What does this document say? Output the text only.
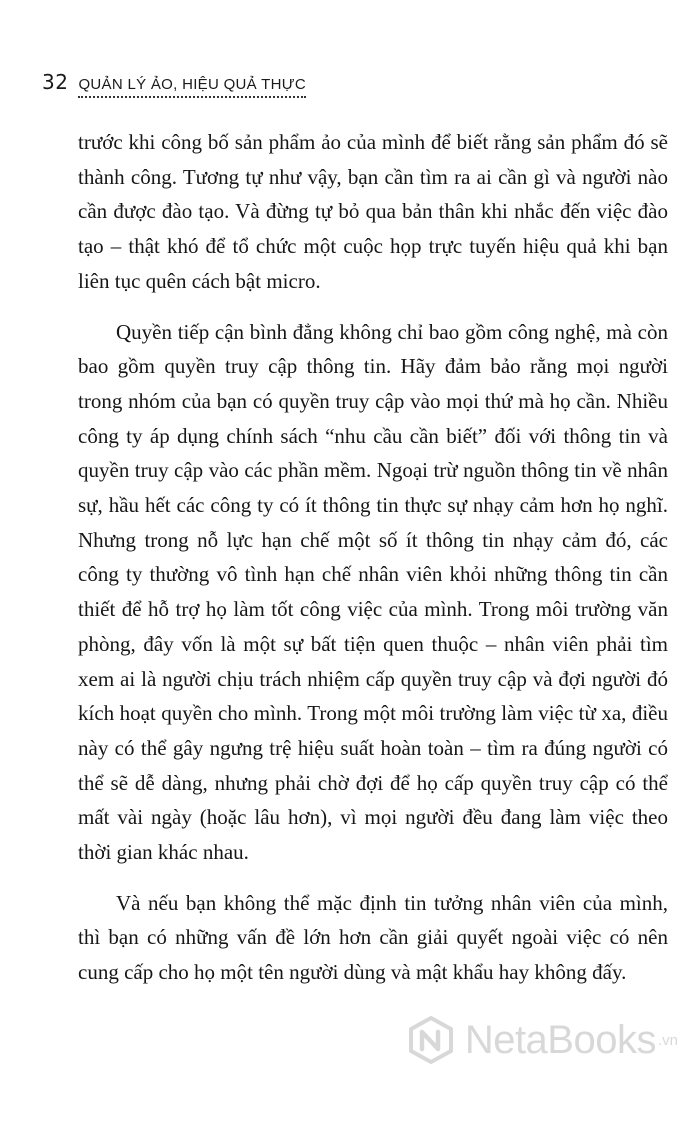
32 QUẢN LÝ ẢO, HIỆU QUẢ THỰC

trước khi công bố sản phẩm ảo của mình để biết rằng sản phẩm đó sẽ thành công. Tương tự như vậy, bạn cần tìm ra ai cần gì và người nào cần được đào tạo. Và đừng tự bỏ qua bản thân khi nhắc đến việc đào tạo – thật khó để tổ chức một cuộc họp trực tuyến hiệu quả khi bạn liên tục quên cách bật micro.

Quyền tiếp cận bình đẳng không chỉ bao gồm công nghệ, mà còn bao gồm quyền truy cập thông tin. Hãy đảm bảo rằng mọi người trong nhóm của bạn có quyền truy cập vào mọi thứ mà họ cần. Nhiều công ty áp dụng chính sách “nhu cầu cần biết” đối với thông tin và quyền truy cập vào các phần mềm. Ngoại trừ nguồn thông tin về nhân sự, hầu hết các công ty có ít thông tin thực sự nhạy cảm hơn họ nghĩ. Nhưng trong nỗ lực hạn chế một số ít thông tin nhạy cảm đó, các công ty thường vô tình hạn chế nhân viên khỏi những thông tin cần thiết để hỗ trợ họ làm tốt công việc của mình. Trong môi trường văn phòng, đây vốn là một sự bất tiện quen thuộc – nhân viên phải tìm xem ai là người chịu trách nhiệm cấp quyền truy cập và đợi người đó kích hoạt quyền cho mình. Trong một môi trường làm việc từ xa, điều này có thể gây ngưng trệ hiệu suất hoàn toàn – tìm ra đúng người có thể sẽ dễ dàng, nhưng phải chờ đợi để họ cấp quyền truy cập có thể mất vài ngày (hoặc lâu hơn), vì mọi người đều đang làm việc theo thời gian khác nhau.

Và nếu bạn không thể mặc định tin tưởng nhân viên của mình, thì bạn có những vấn đề lớn hơn cần giải quyết ngoài việc có nên cung cấp cho họ một tên người dùng và mật khẩu hay không đấy.

NetaBooks .vn
